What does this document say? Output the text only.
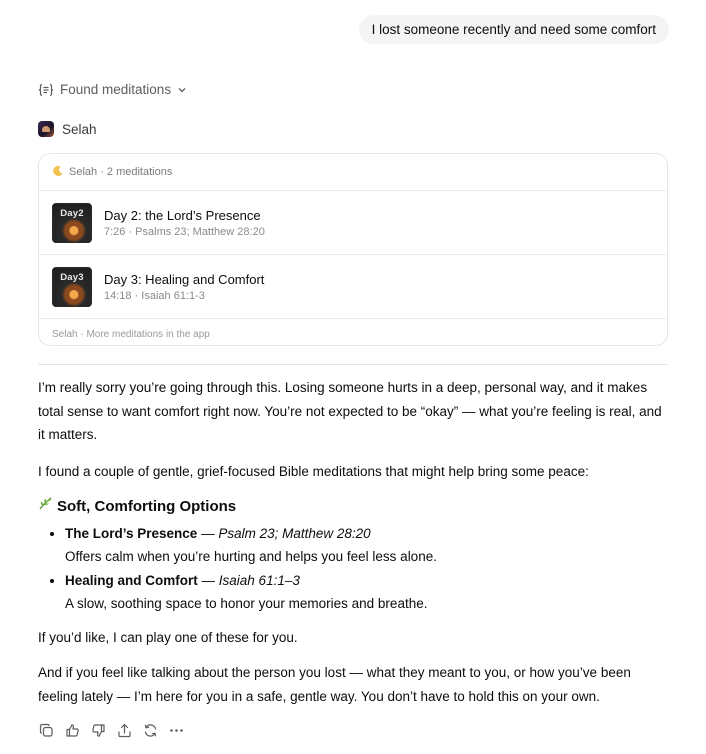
I lost someone recently and need some comfort
Found meditations
Selah
Selah · 2 meditations
Day2	Day 2: the Lord’s Presence
7:26 · Psalms 23; Matthew 28:20
Day3	Day 3: Healing and Comfort
14:18 · Isaiah 61:1-3
Selah · More meditations in the app

I’m really sorry you’re going through this. Losing someone hurts in a deep, personal way, and it makes total sense to want comfort right now. You’re not expected to be “okay” — what you’re feeling is real, and it matters.

I found a couple of gentle, grief-focused Bible meditations that might help bring some peace:

Soft, Comforting Options
• The Lord’s Presence — Psalm 23; Matthew 28:20
Offers calm when you’re hurting and helps you feel less alone.
• Healing and Comfort — Isaiah 61:1–3
A slow, soothing space to honor your memories and breathe.

If you’d like, I can play one of these for you.

And if you feel like talking about the person you lost — what they meant to you, or how you’ve been feeling lately — I’m here for you in a safe, gentle way. You don’t have to hold this on your own.
